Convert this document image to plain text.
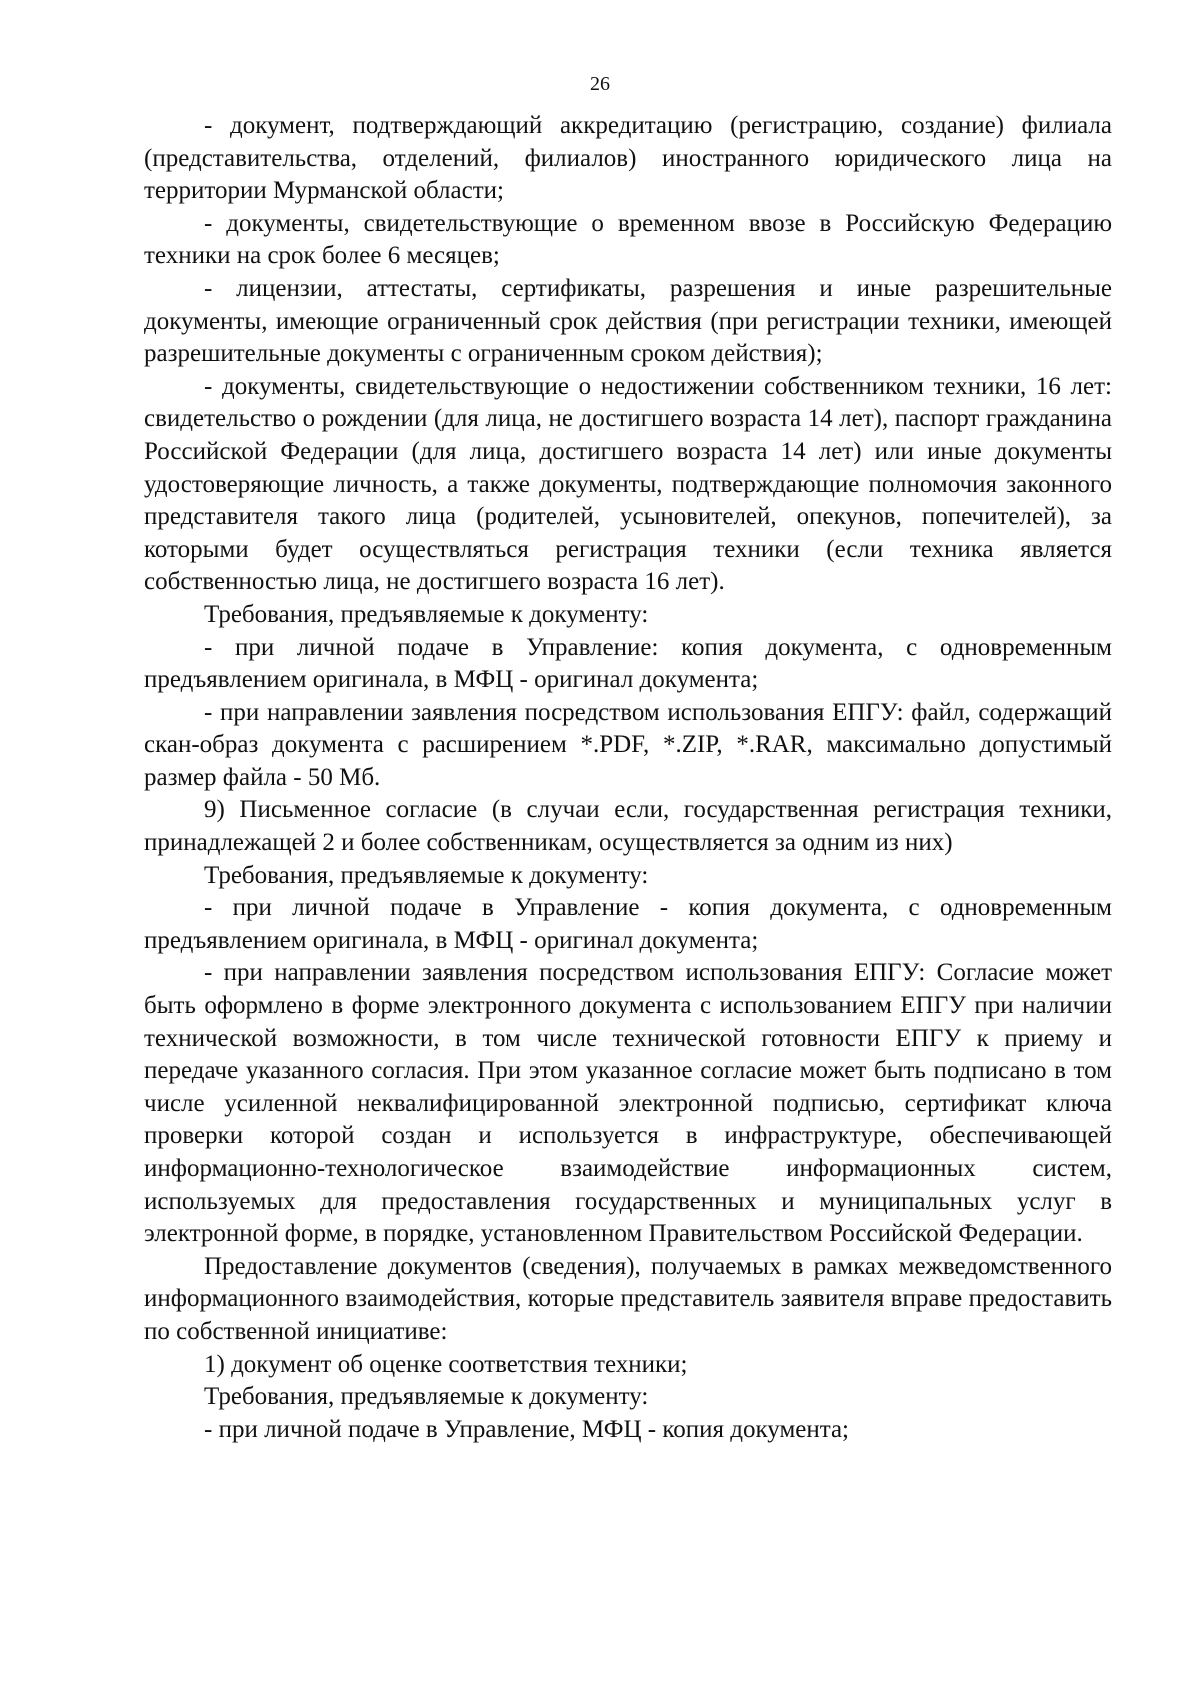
26

- документ, подтверждающий аккредитацию (регистрацию, создание) филиала (представительства, отделений, филиалов) иностранного юридического лица на территории Мурманской области;

- документы, свидетельствующие о временном ввозе в Российскую Федерацию техники на срок более 6 месяцев;

- лицензии, аттестаты, сертификаты, разрешения и иные разрешительные документы, имеющие ограниченный срок действия (при регистрации техники, имеющей разрешительные документы с ограниченным сроком действия);

- документы, свидетельствующие о недостижении собственником техники, 16 лет: свидетельство о рождении (для лица, не достигшего возраста 14 лет), паспорт гражданина Российской Федерации (для лица, достигшего возраста 14 лет) или иные документы удостоверяющие личность, а также документы, подтверждающие полномочия законного представителя такого лица (родителей, усыновителей, опекунов, попечителей), за которыми будет осуществляться регистрация техники (если техника является собственностью лица, не достигшего возраста 16 лет).

Требования, предъявляемые к документу:

- при личной подаче в Управление: копия документа, с одновременным предъявлением оригинала, в МФЦ - оригинал документа;

- при направлении заявления посредством использования ЕПГУ: файл, содержащий скан-образ документа с расширением *.PDF, *.ZIP, *.RAR, максимально допустимый размер файла - 50 Мб.

9) Письменное согласие (в случаи если, государственная регистрация техники, принадлежащей 2 и более собственникам, осуществляется за одним из них)

Требования, предъявляемые к документу:

- при личной подаче в Управление - копия документа, с одновременным предъявлением оригинала, в МФЦ - оригинал документа;

- при направлении заявления посредством использования ЕПГУ: Согласие может быть оформлено в форме электронного документа с использованием ЕПГУ при наличии технической возможности, в том числе технической готовности ЕПГУ к приему и передаче указанного согласия. При этом указанное согласие может быть подписано в том числе усиленной неквалифицированной электронной подписью, сертификат ключа проверки которой создан и используется в инфраструктуре, обеспечивающей информационно-технологическое взаимодействие информационных систем, используемых для предоставления государственных и муниципальных услуг в электронной форме, в порядке, установленном Правительством Российской Федерации.

Предоставление документов (сведения), получаемых в рамках межведомственного информационного взаимодействия, которые представитель заявителя вправе предоставить по собственной инициативе:

1) документ об оценке соответствия техники;

Требования, предъявляемые к документу:

- при личной подаче в Управление, МФЦ - копия документа;
